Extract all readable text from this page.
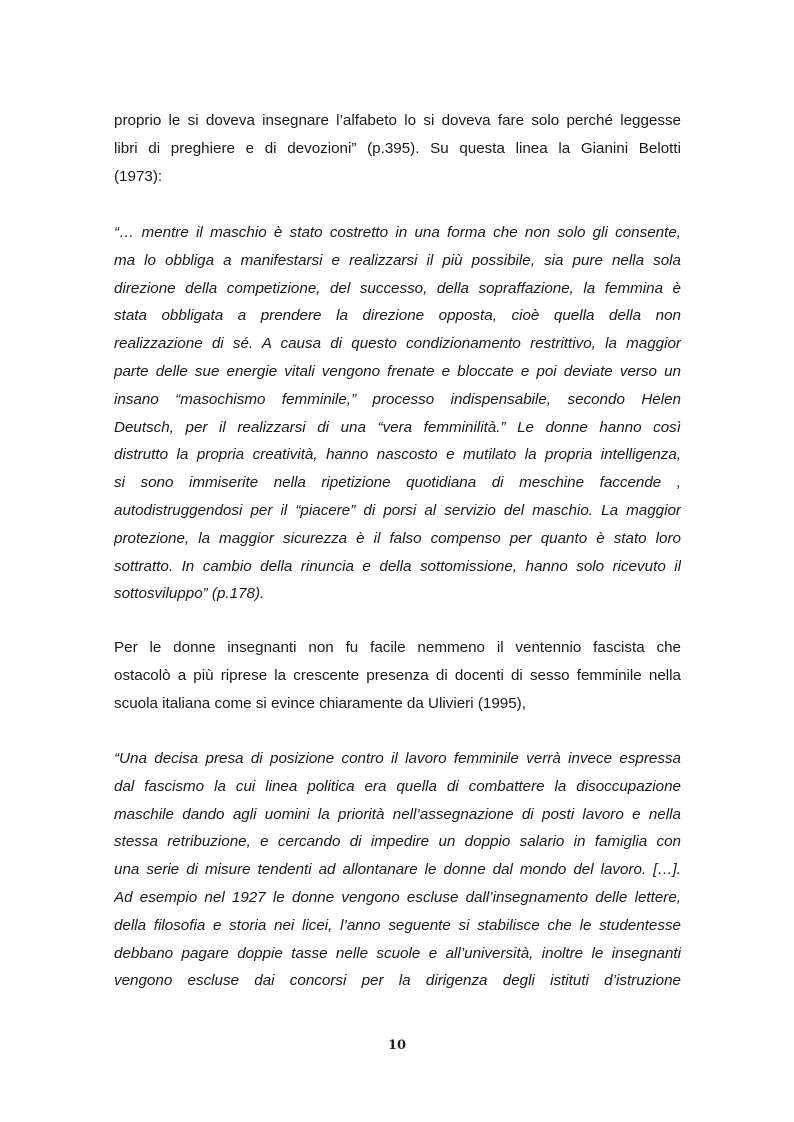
proprio le si doveva insegnare l’alfabeto lo si doveva fare solo perché leggesse
libri di preghiere e di devozioni” (p.395). Su questa linea la Gianini Belotti
(1973):
“… mentre il maschio è stato costretto in una forma che non solo gli consente,
ma lo obbliga a manifestarsi e realizzarsi il più possibile, sia pure nella sola
direzione della competizione, del successo, della sopraffazione, la femmina è
stata obbligata a prendere la direzione opposta, cioè quella della non
realizzazione di sé. A causa di questo condizionamento restrittivo, la maggior
parte delle sue energie vitali vengono frenate e bloccate e poi deviate verso un
insano “masochismo femminile,” processo indispensabile, secondo Helen
Deutsch, per il realizzarsi di una “vera femminilità.” Le donne hanno così
distrutto la propria creatività, hanno nascosto e mutilato la propria intelligenza,
si sono immiserite nella ripetizione quotidiana di meschine faccende ,
autodistruggendosi per il “piacere” di porsi al servizio del maschio. La maggior
protezione, la maggior sicurezza è il falso compenso per quanto è stato loro
sottratto. In cambio della rinuncia e della sottomissione, hanno solo ricevuto il
sottosviluppo” (p.178).
Per le donne insegnanti non fu facile nemmeno il ventennio fascista che
ostacolò a più riprese la crescente presenza di docenti di sesso femminile nella
scuola italiana come si evince chiaramente da Ulivieri (1995),
“Una decisa presa di posizione contro il lavoro femminile verrà invece espressa
dal fascismo la cui linea politica era quella di combattere la disoccupazione
maschile dando agli uomini la priorità nell’assegnazione di posti lavoro e nella
stessa retribuzione, e cercando di impedire un doppio salario in famiglia con
una serie di misure tendenti ad allontanare le donne dal mondo del lavoro. […].
Ad esempio nel 1927 le donne vengono escluse dall’insegnamento delle lettere,
della filosofia e storia nei licei, l’anno seguente si stabilisce che le studentesse
debbano pagare doppie tasse nelle scuole e all’università, inoltre le insegnanti
vengono escluse dai concorsi per la dirigenza degli istituti d’istruzione
10
